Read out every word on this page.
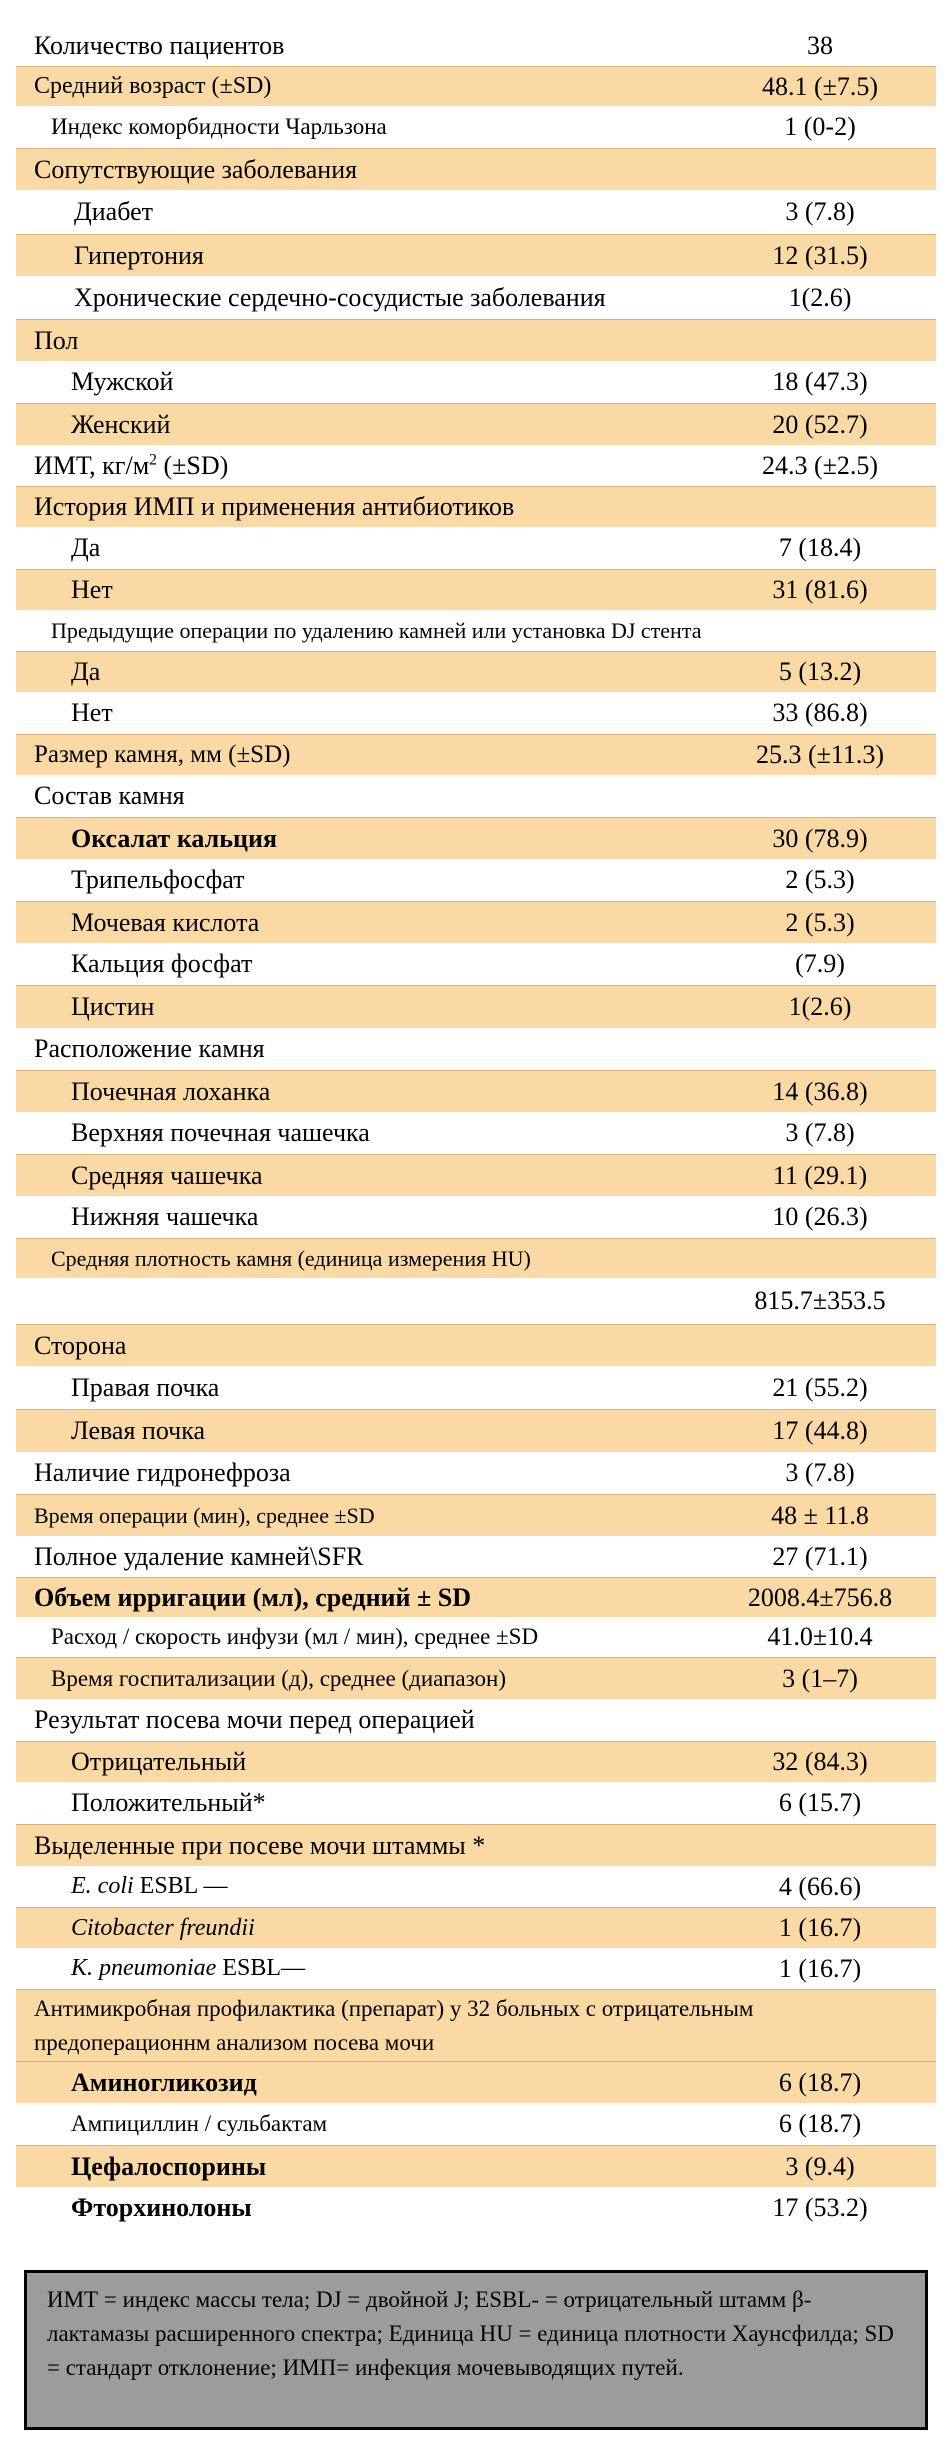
Количество пациентов	38
Средний возраст (±SD)	48.1 (±7.5)
Индекс коморбидности Чарльзона	1 (0-2)
Сопутствующие заболевания
Диабет	3 (7.8)
Гипертония	12 (31.5)
Хронические сердечно-сосудистые заболевания	1(2.6)
Пол
Мужской	18 (47.3)
Женский	20 (52.7)
ИМТ, $кг/м^2$ (±SD)	24.3 (±2.5)
История ИМП и применения антибиотиков
Да	7 (18.4)
Нет	31 (81.6)
Предыдущие операции по удалению камней или установка DJ стента
Да	5 (13.2)
Нет	33 (86.8)
Размер камня, мм (±SD)	25.3 (±11.3)
Состав камня
Оксалат кальция	30 (78.9)
Трипельфосфат	2 (5.3)
Мочевая кислота	2 (5.3)
Кальция фосфат	(7.9)
Цистин	1(2.6)
Расположение камня
Почечная лоханка	14 (36.8)
Верхняя почечная чашечка	3 (7.8)
Средняя чашечка	11 (29.1)
Нижняя чашечка	10 (26.3)
Средняя плотность камня (единица измерения HU)
815.7±353.5
Сторона
Правая почка	21 (55.2)
Левая почка	17 (44.8)
Наличие гидронефроза	3 (7.8)
Время операции (мин), среднее ±SD	48 ± 11.8
Полное удаление камней\SFR	27 (71.1)
Объем ирригации (мл), средний ± SD	2008.4±756.8
Расход / скорость инфузи (мл / мин), среднее ±SD	41.0±10.4
Время госпитализации (д), среднее (диапазон)	3 (1–7)
Результат посева мочи перед операцией
Отрицательный	32 (84.3)
Положительный*	6 (15.7)
Выделенные при посеве мочи штаммы *
E. coli ESBL —	4 (66.6)
Citobacter freundii	1 (16.7)
K. pneumoniae ESBL—	1 (16.7)
Антимикробная профилактика (препарат) у 32 больных с отрицательным предоперационнм анализом посева мочи
Аминогликозид	6 (18.7)
Ампициллин / сульбактам	6 (18.7)
Цефалоспорины	3 (9.4)
Фторхинолоны	17 (53.2)
ИМТ = индекс массы тела; DJ = двойной J; ESBL- = отрицательный штамм β-лактамазы расширенного спектра; Единица HU = единица плотности Хаунсфилда; SD = стандарт отклонение; ИМП= инфекция мочевыводящих путей.
